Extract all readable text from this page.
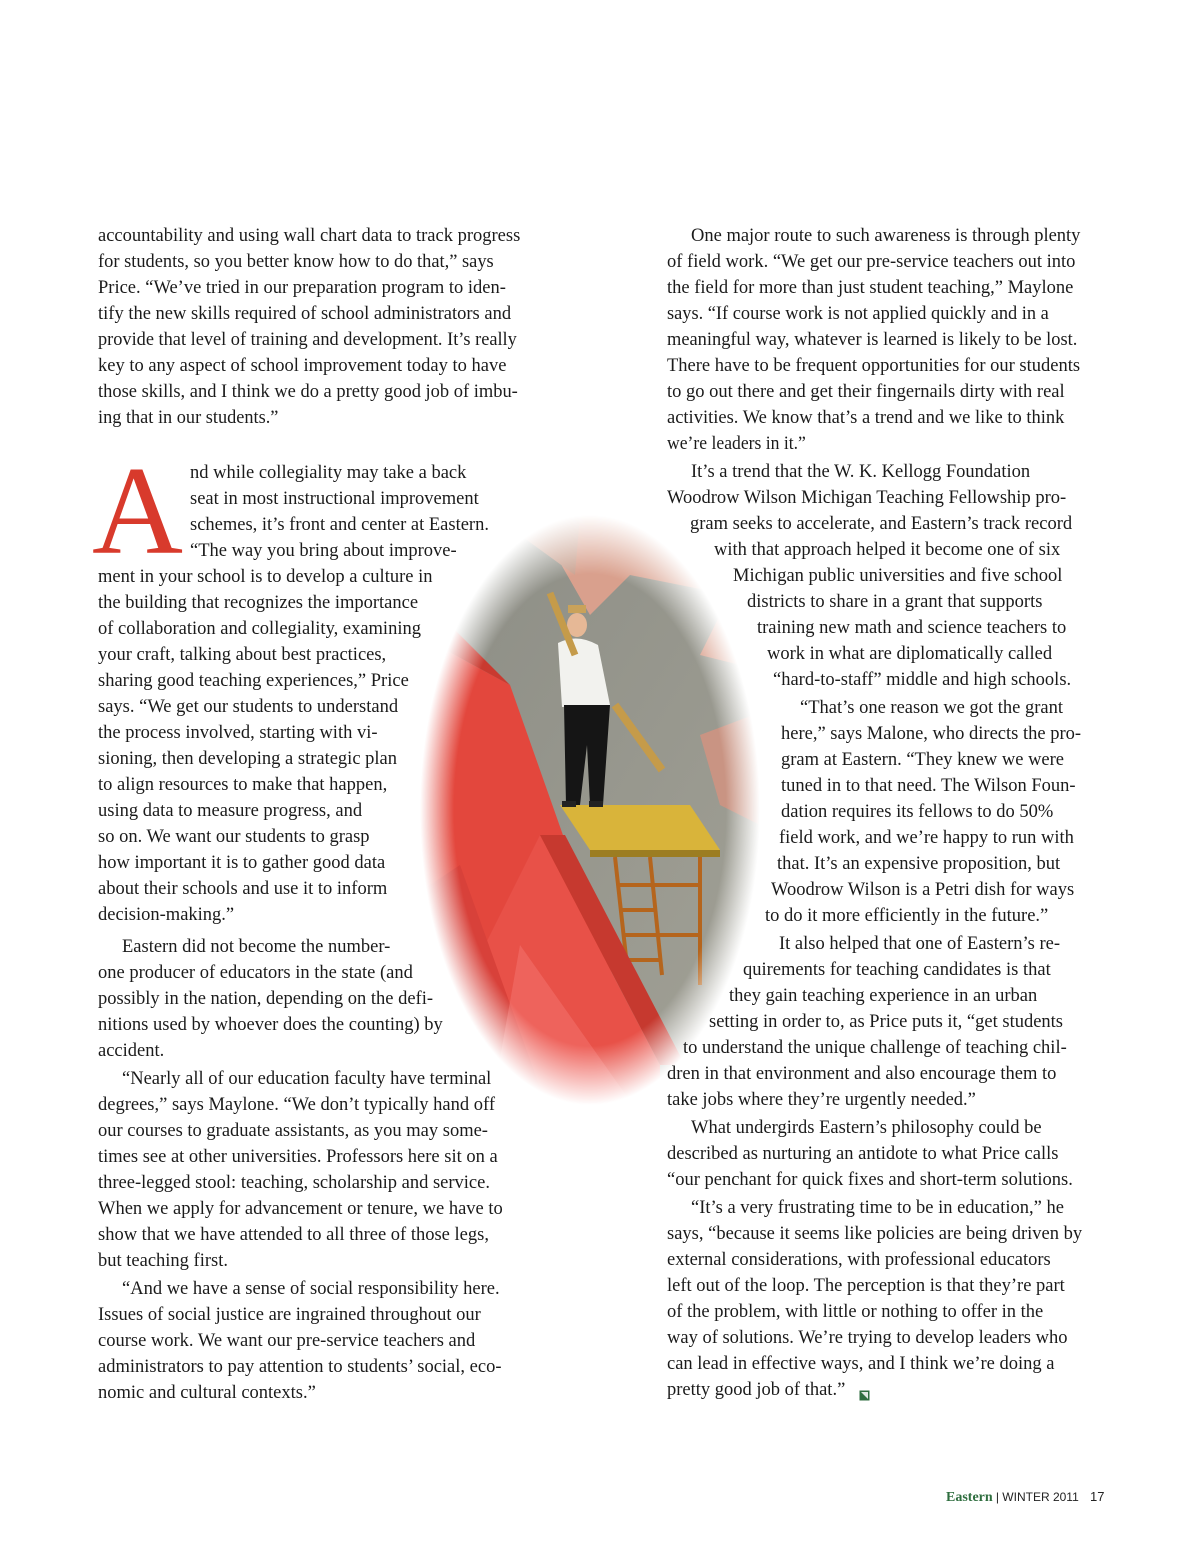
A
accountability and using wall chart data to track progress
for students, so you better know how to do that,” says
Price. “We’ve tried in our preparation program to iden-
tify the new skills required of school administrators and
provide that level of training and development. It’s really
key to any aspect of school improvement today to have
those skills, and I think we do a pretty good job of imbu-
ing that in our students.”
nd while collegiality may take a back
seat in most instructional improvement
schemes, it’s front and center at Eastern.
“The way you bring about improve-
ment in your school is to develop a culture in
the building that recognizes the importance
of collaboration and collegiality, examining
your craft, talking about best practices,
sharing good teaching experiences,” Price
says. “We get our students to understand
the process involved, starting with vi-
sioning, then developing a strategic plan
to align resources to make that happen,
using data to measure progress, and
so on. We want our students to grasp
how important it is to gather good data
about their schools and use it to inform
decision-making.”
Eastern did not become the number-
one producer of educators in the state (and
possibly in the nation, depending on the defi-
nitions used by whoever does the counting) by
accident.
“Nearly all of our education faculty have terminal
degrees,” says Maylone. “We don’t typically hand off
our courses to graduate assistants, as you may some-
times see at other universities. Professors here sit on a
three-legged stool: teaching, scholarship and service.
When we apply for advancement or tenure, we have to
show that we have attended to all three of those legs,
but teaching first.
“And we have a sense of social responsibility here.
Issues of social justice are ingrained throughout our
course work. We want our pre-service teachers and
administrators to pay attention to students’ social, eco-
nomic and cultural contexts.”
One major route to such awareness is through plenty
of field work. “We get our pre-service teachers out into
the field for more than just student teaching,” Maylone
says. “If course work is not applied quickly and in a
meaningful way, whatever is learned is likely to be lost.
There have to be frequent opportunities for our students
to go out there and get their fingernails dirty with real
activities. We know that’s a trend and we like to think
we’re leaders in it.”
It’s a trend that the W. K. Kellogg Foundation
Woodrow Wilson Michigan Teaching Fellowship pro-
gram seeks to accelerate, and Eastern’s track record
with that approach helped it become one of six
Michigan public universities and five school
districts to share in a grant that supports
training new math and science teachers to
work in what are diplomatically called
“hard-to-staff” middle and high schools.
“That’s one reason we got the grant
here,” says Malone, who directs the pro-
gram at Eastern. “They knew we were
tuned in to that need. The Wilson Foun-
dation requires its fellows to do 50%
field work, and we’re happy to run with
that. It’s an expensive proposition, but
Woodrow Wilson is a Petri dish for ways
to do it more efficiently in the future.”
It also helped that one of Eastern’s re-
quirements for teaching candidates is that
they gain teaching experience in an urban
setting in order to, as Price puts it, “get students
to understand the unique challenge of teaching chil-
dren in that environment and also encourage them to
take jobs where they’re urgently needed.”
What undergirds Eastern’s philosophy could be
described as nurturing an antidote to what Price calls
“our penchant for quick fixes and short-term solutions.
“It’s a very frustrating time to be in education,” he
says, “because it seems like policies are being driven by
external considerations, with professional educators
left out of the loop. The perception is that they’re part
of the problem, with little or nothing to offer in the
way of solutions. We’re trying to develop leaders who
can lead in effective ways, and I think we’re doing a
pretty good job of that.”
Eastern | WINTER 2011 17
